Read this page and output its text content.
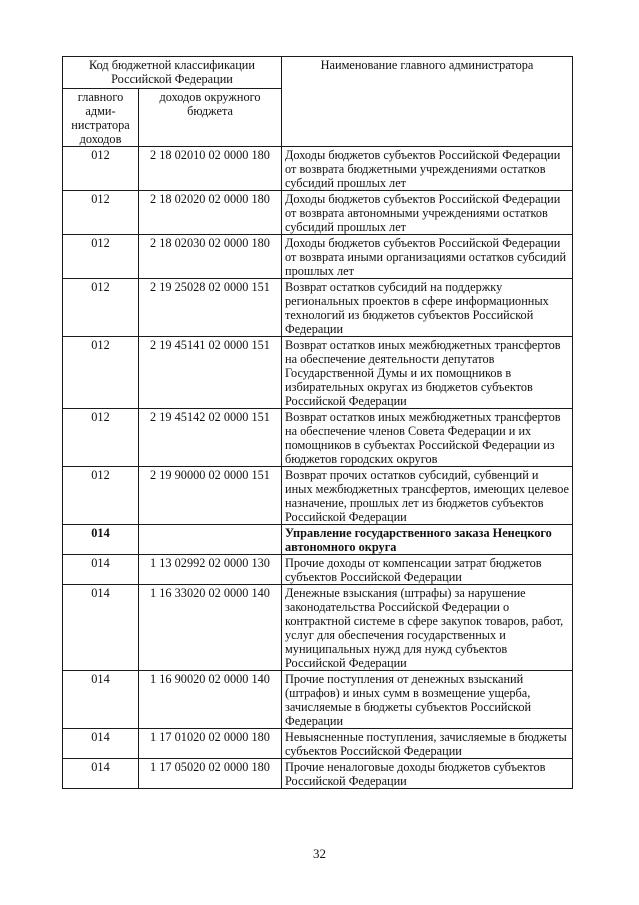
Код бюджетной классификации Российской Федерации		Наименование главного администратора
главного адми-нистратора доходов	доходов окружного бюджета	
012	2 18 02010 02 0000 180	Доходы бюджетов субъектов Российской Федерации от возврата бюджетными учреждениями остатков субсидий прошлых лет
012	2 18 02020 02 0000 180	Доходы бюджетов субъектов Российской Федерации от возврата автономными учреждениями остатков субсидий прошлых лет
012	2 18 02030 02 0000 180	Доходы бюджетов субъектов Российской Федерации от возврата иными организациями остатков субсидий прошлых лет
012	2 19 25028 02 0000 151	Возврат остатков субсидий на поддержку региональных проектов в сфере информационных технологий из бюджетов субъектов Российской Федерации
012	2 19 45141 02 0000 151	Возврат остатков иных межбюджетных трансфертов на обеспечение деятельности депутатов Государственной Думы и их помощников в избирательных округах из бюджетов субъектов Российской Федерации
012	2 19 45142 02 0000 151	Возврат остатков иных межбюджетных трансфертов на обеспечение членов Совета Федерации и их помощников в субъектах Российской Федерации из бюджетов городских округов
012	2 19 90000 02 0000 151	Возврат прочих остатков субсидий, субвенций и иных межбюджетных трансфертов, имеющих целевое назначение, прошлых лет из бюджетов субъектов Российской Федерации
014		Управление государственного заказа Ненецкого автономного округа
014	1 13 02992 02 0000 130	Прочие доходы от компенсации затрат бюджетов субъектов Российской Федерации
014	1 16 33020 02 0000 140	Денежные взыскания (штрафы) за нарушение законодательства Российской Федерации о контрактной системе в сфере закупок товаров, работ, услуг для обеспечения государственных и муниципальных нужд для нужд субъектов Российской Федерации
014	1 16 90020 02 0000 140	Прочие поступления от денежных взысканий (штрафов) и иных сумм в возмещение ущерба, зачисляемые в бюджеты субъектов Российской Федерации
014	1 17 01020 02 0000 180	Невыясненные поступления, зачисляемые в бюджеты субъектов Российской Федерации
014	1 17 05020 02 0000 180	Прочие неналоговые доходы бюджетов субъектов Российской Федерации
32
